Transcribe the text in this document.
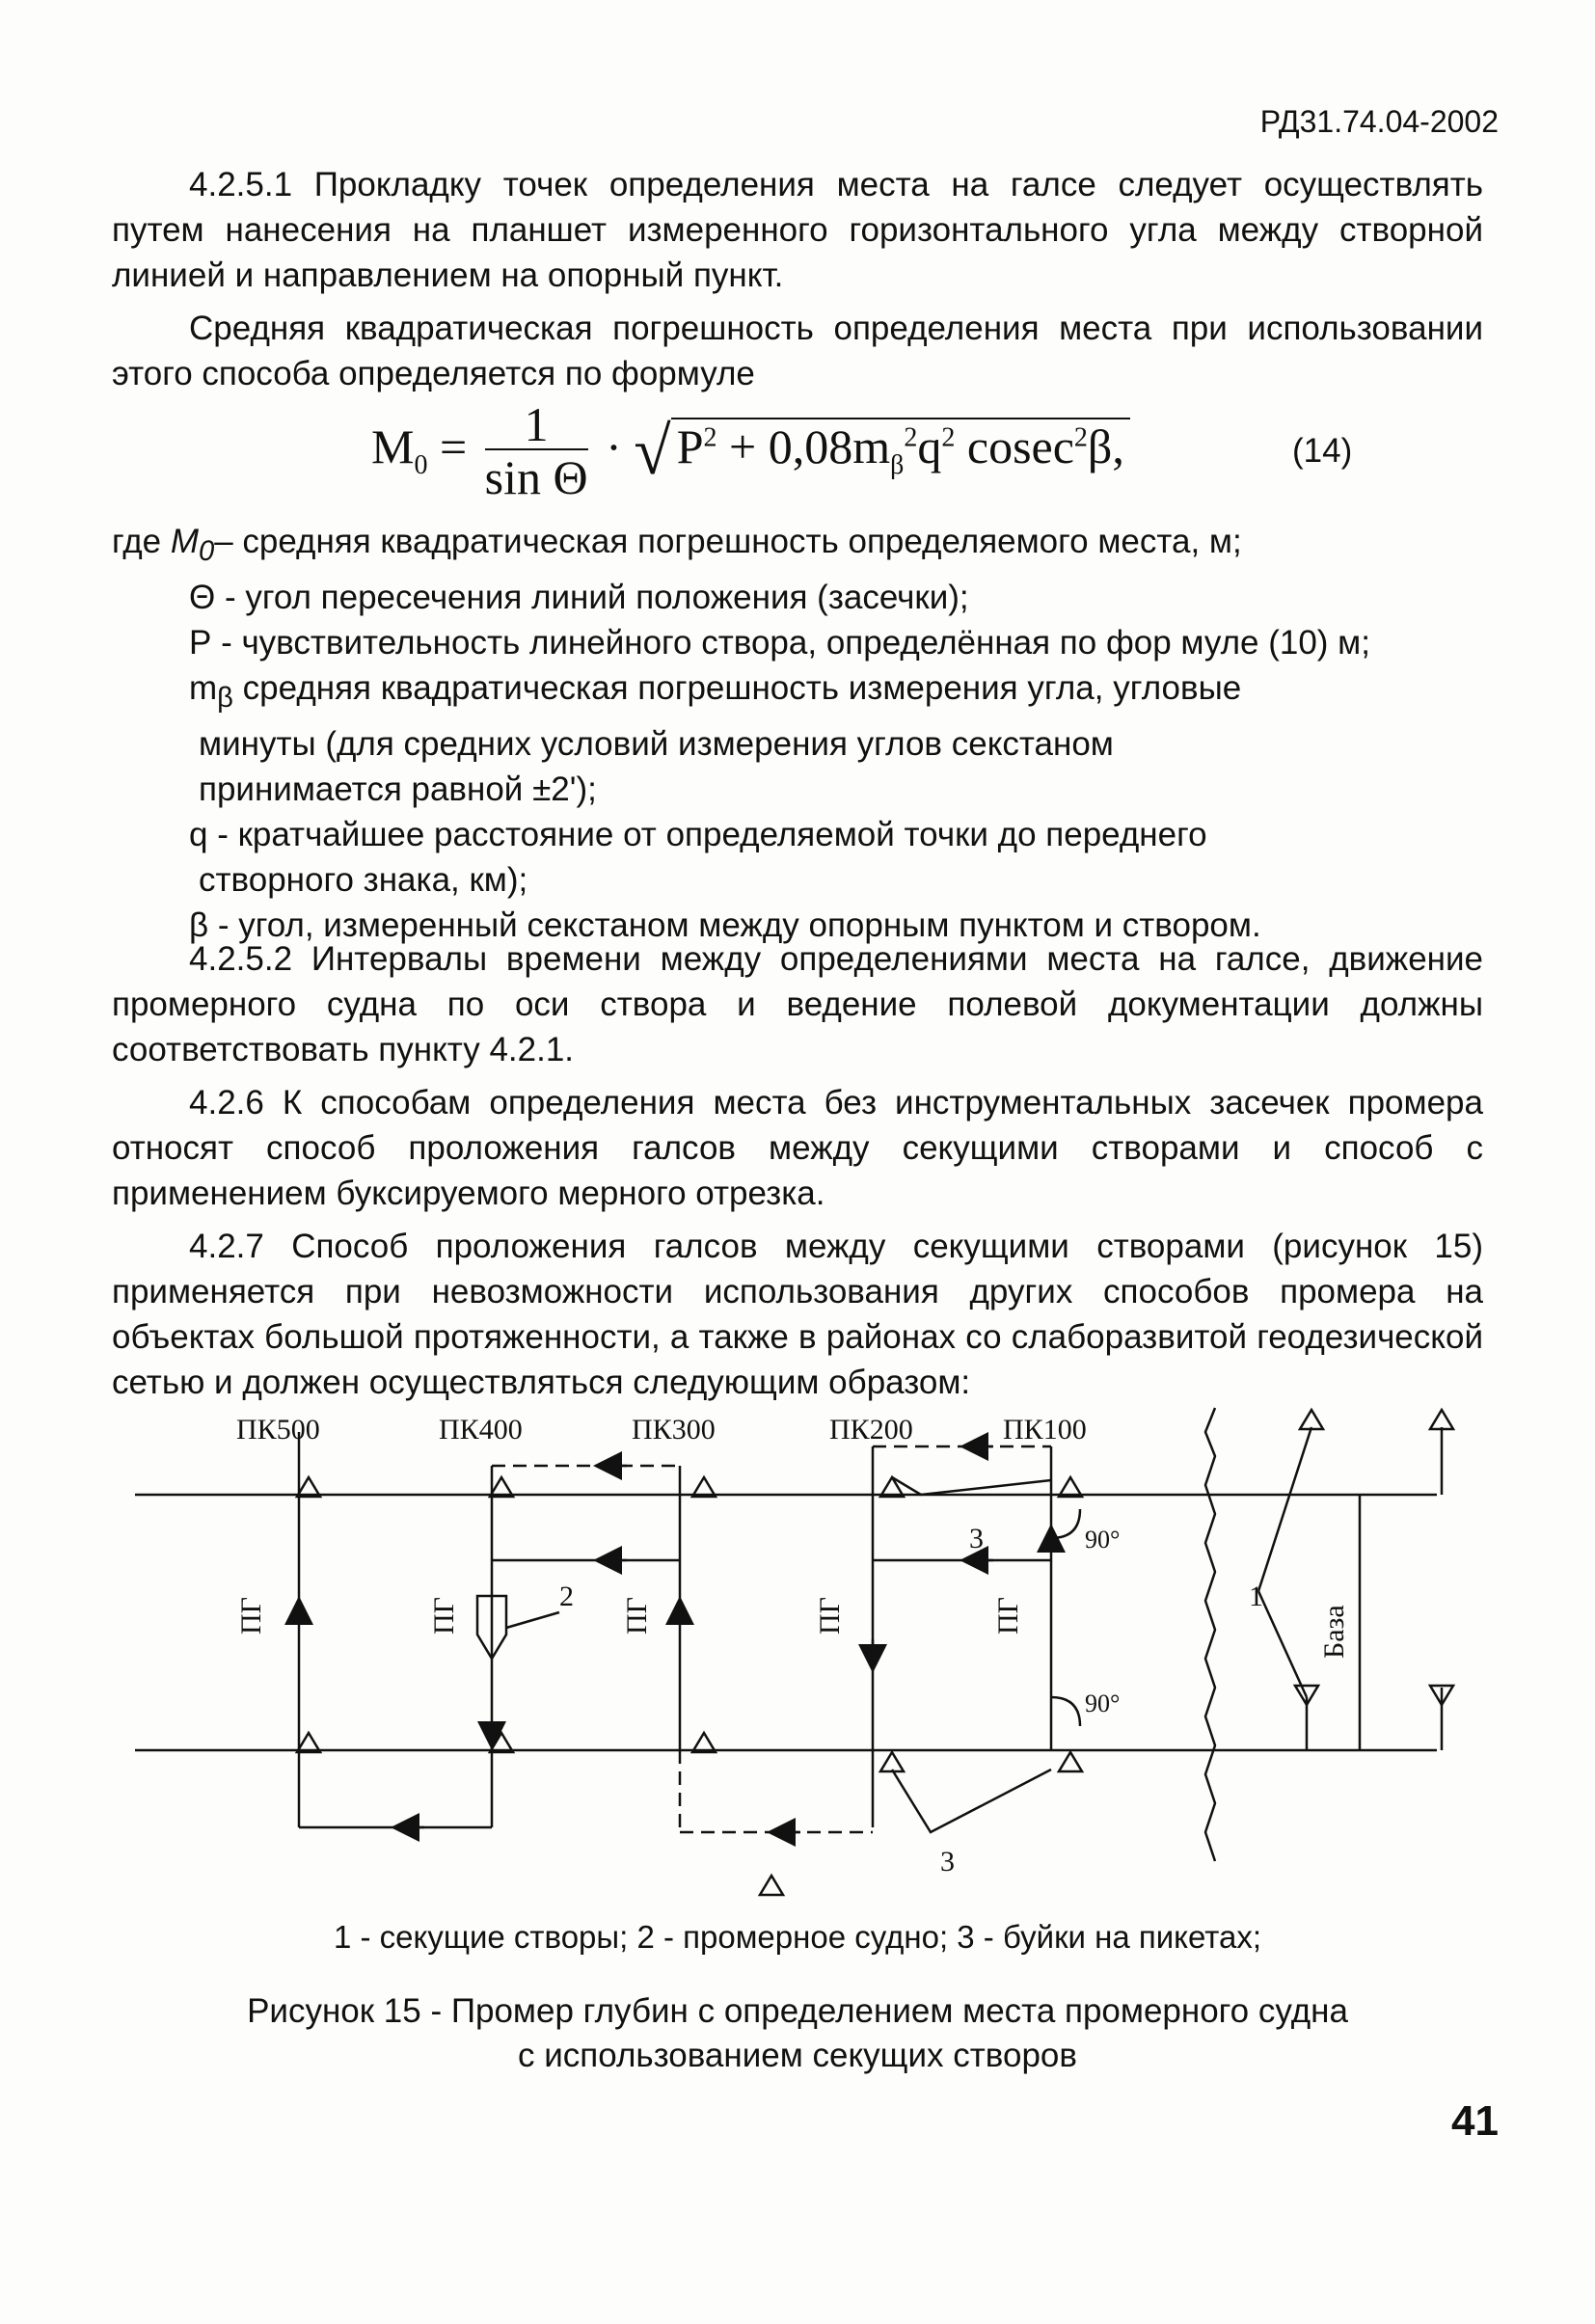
РД31.74.04-2002

4.2.5.1 Прокладку точек определения места на галсе следует осуществлять путем нанесения на планшет измеренного горизонтального угла между створной линией и направлением на опорный пункт.

Средняя квадратическая погрешность определения места при использовании этого способа определяется по формуле

$M_0 = \frac{1}{\text{sin Θ}}$ · √ $P^2 + 0,08m_\beta^2q^2$ cosec$^2$β,	(14)

где $M_0-$ средняя квадратическая погрешность определяемого места, м;

Θ - угол пересечения линий положения (засечки);

Р - чувствительность линейного створа, определённая по фор муле (10) м;

$m_\beta$ средняя квадратическая погрешность измерения угла, угловые

минуты (для средних условий измерения углов секстаном

принимается равной ±2');

q - кратчайшее расстояние от определяемой точки до переднего

створного знака, км);

β - угол, измеренный секстаном между опорным пунктом и створом.

4.2.5.2 Интервалы времени между определениями места на галсе, движение промерного судна по оси створа и ведение полевой документации должны соответствовать пункту 4.2.1.

4.2.6 К способам определения места без инструментальных засечек промера относят способ проложения галсов между секущими створами и способ с применением буксируемого мерного отрезка.

4.2.7 Способ проложения галсов между секущими створами (рисунок 15) применяется при невозможности использования других способов промера на объектах большой протяженности, а также в районах со слаборазвитой геодезической сетью и должен осуществляться следующим образом:

ПК500	ПК400	ПК300	ПК200	ПК100
ПГ	ПГ	ПГ	ПГ	ПГ	База
90°
90°
1
2
3
3
1 - секущие створы; 2 - промерное судно; 3 - буйки на пикетах;
Рисунок 15 - Промер глубин с определением места промерного судна
с использованием секущих створов
41
